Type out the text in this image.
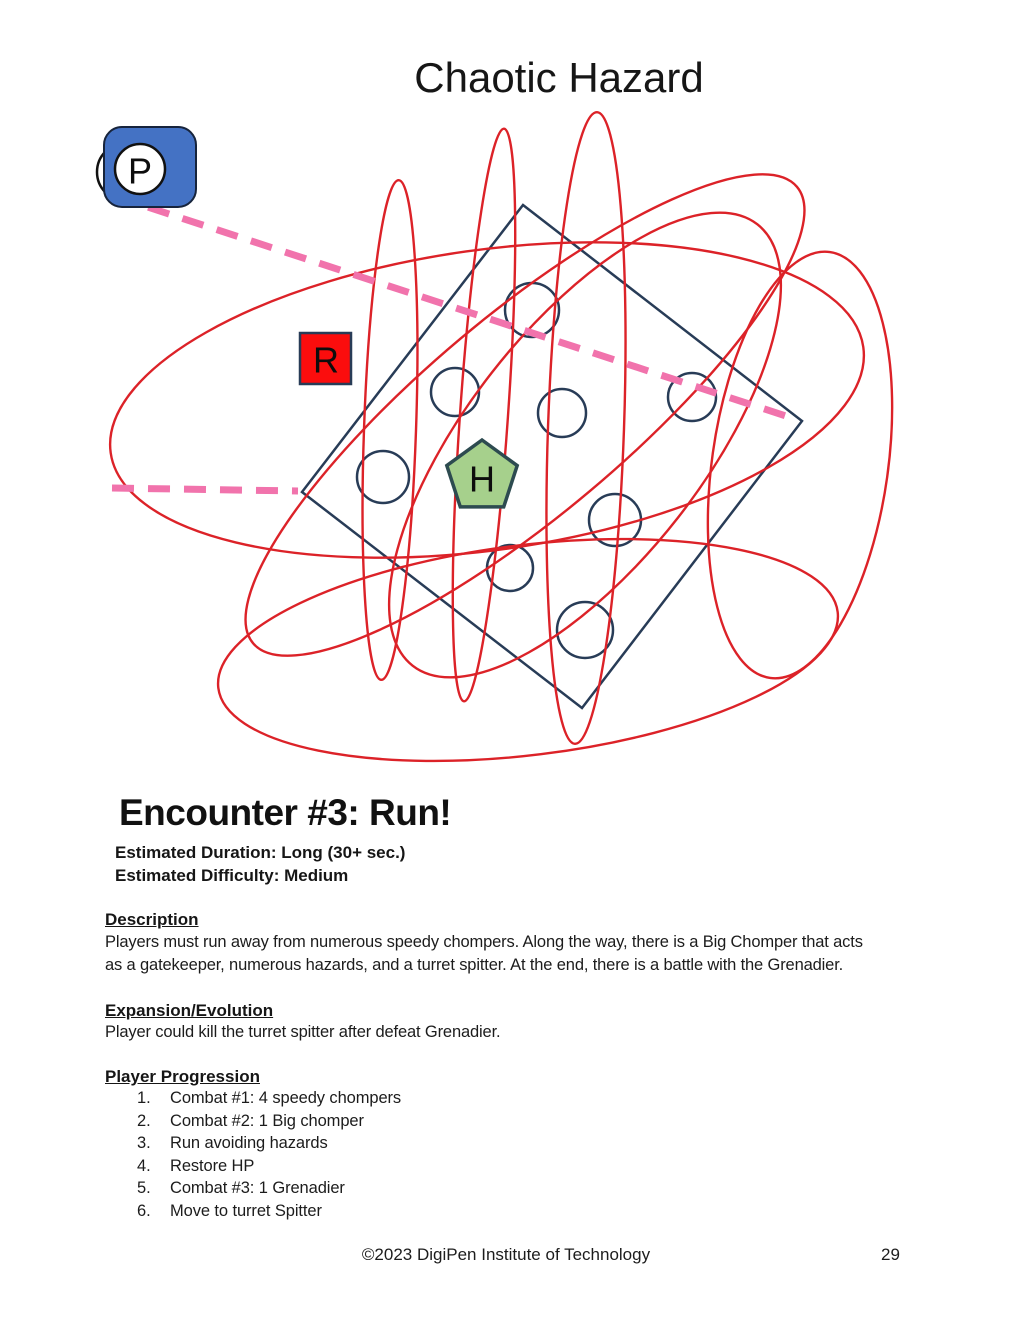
Chaotic Hazard
P
R
H
Encounter #3: Run!
Estimated Duration: Long (30+ sec.)
Estimated Difficulty: Medium
Description
Players must run away from numerous speedy chompers. Along the way, there is a Big Chomper that acts
as a gatekeeper, numerous hazards, and a turret spitter. At the end, there is a battle with the Grenadier.
Expansion/Evolution
Player could kill the turret spitter after defeat Grenadier.
Player Progression
1.	Combat #1: 4 speedy chompers
2.	Combat #2: 1 Big chomper
3.	Run avoiding hazards
4.	Restore HP
5.	Combat #3: 1 Grenadier
6.	Move to turret Spitter
©2023 DigiPen Institute of Technology	29
